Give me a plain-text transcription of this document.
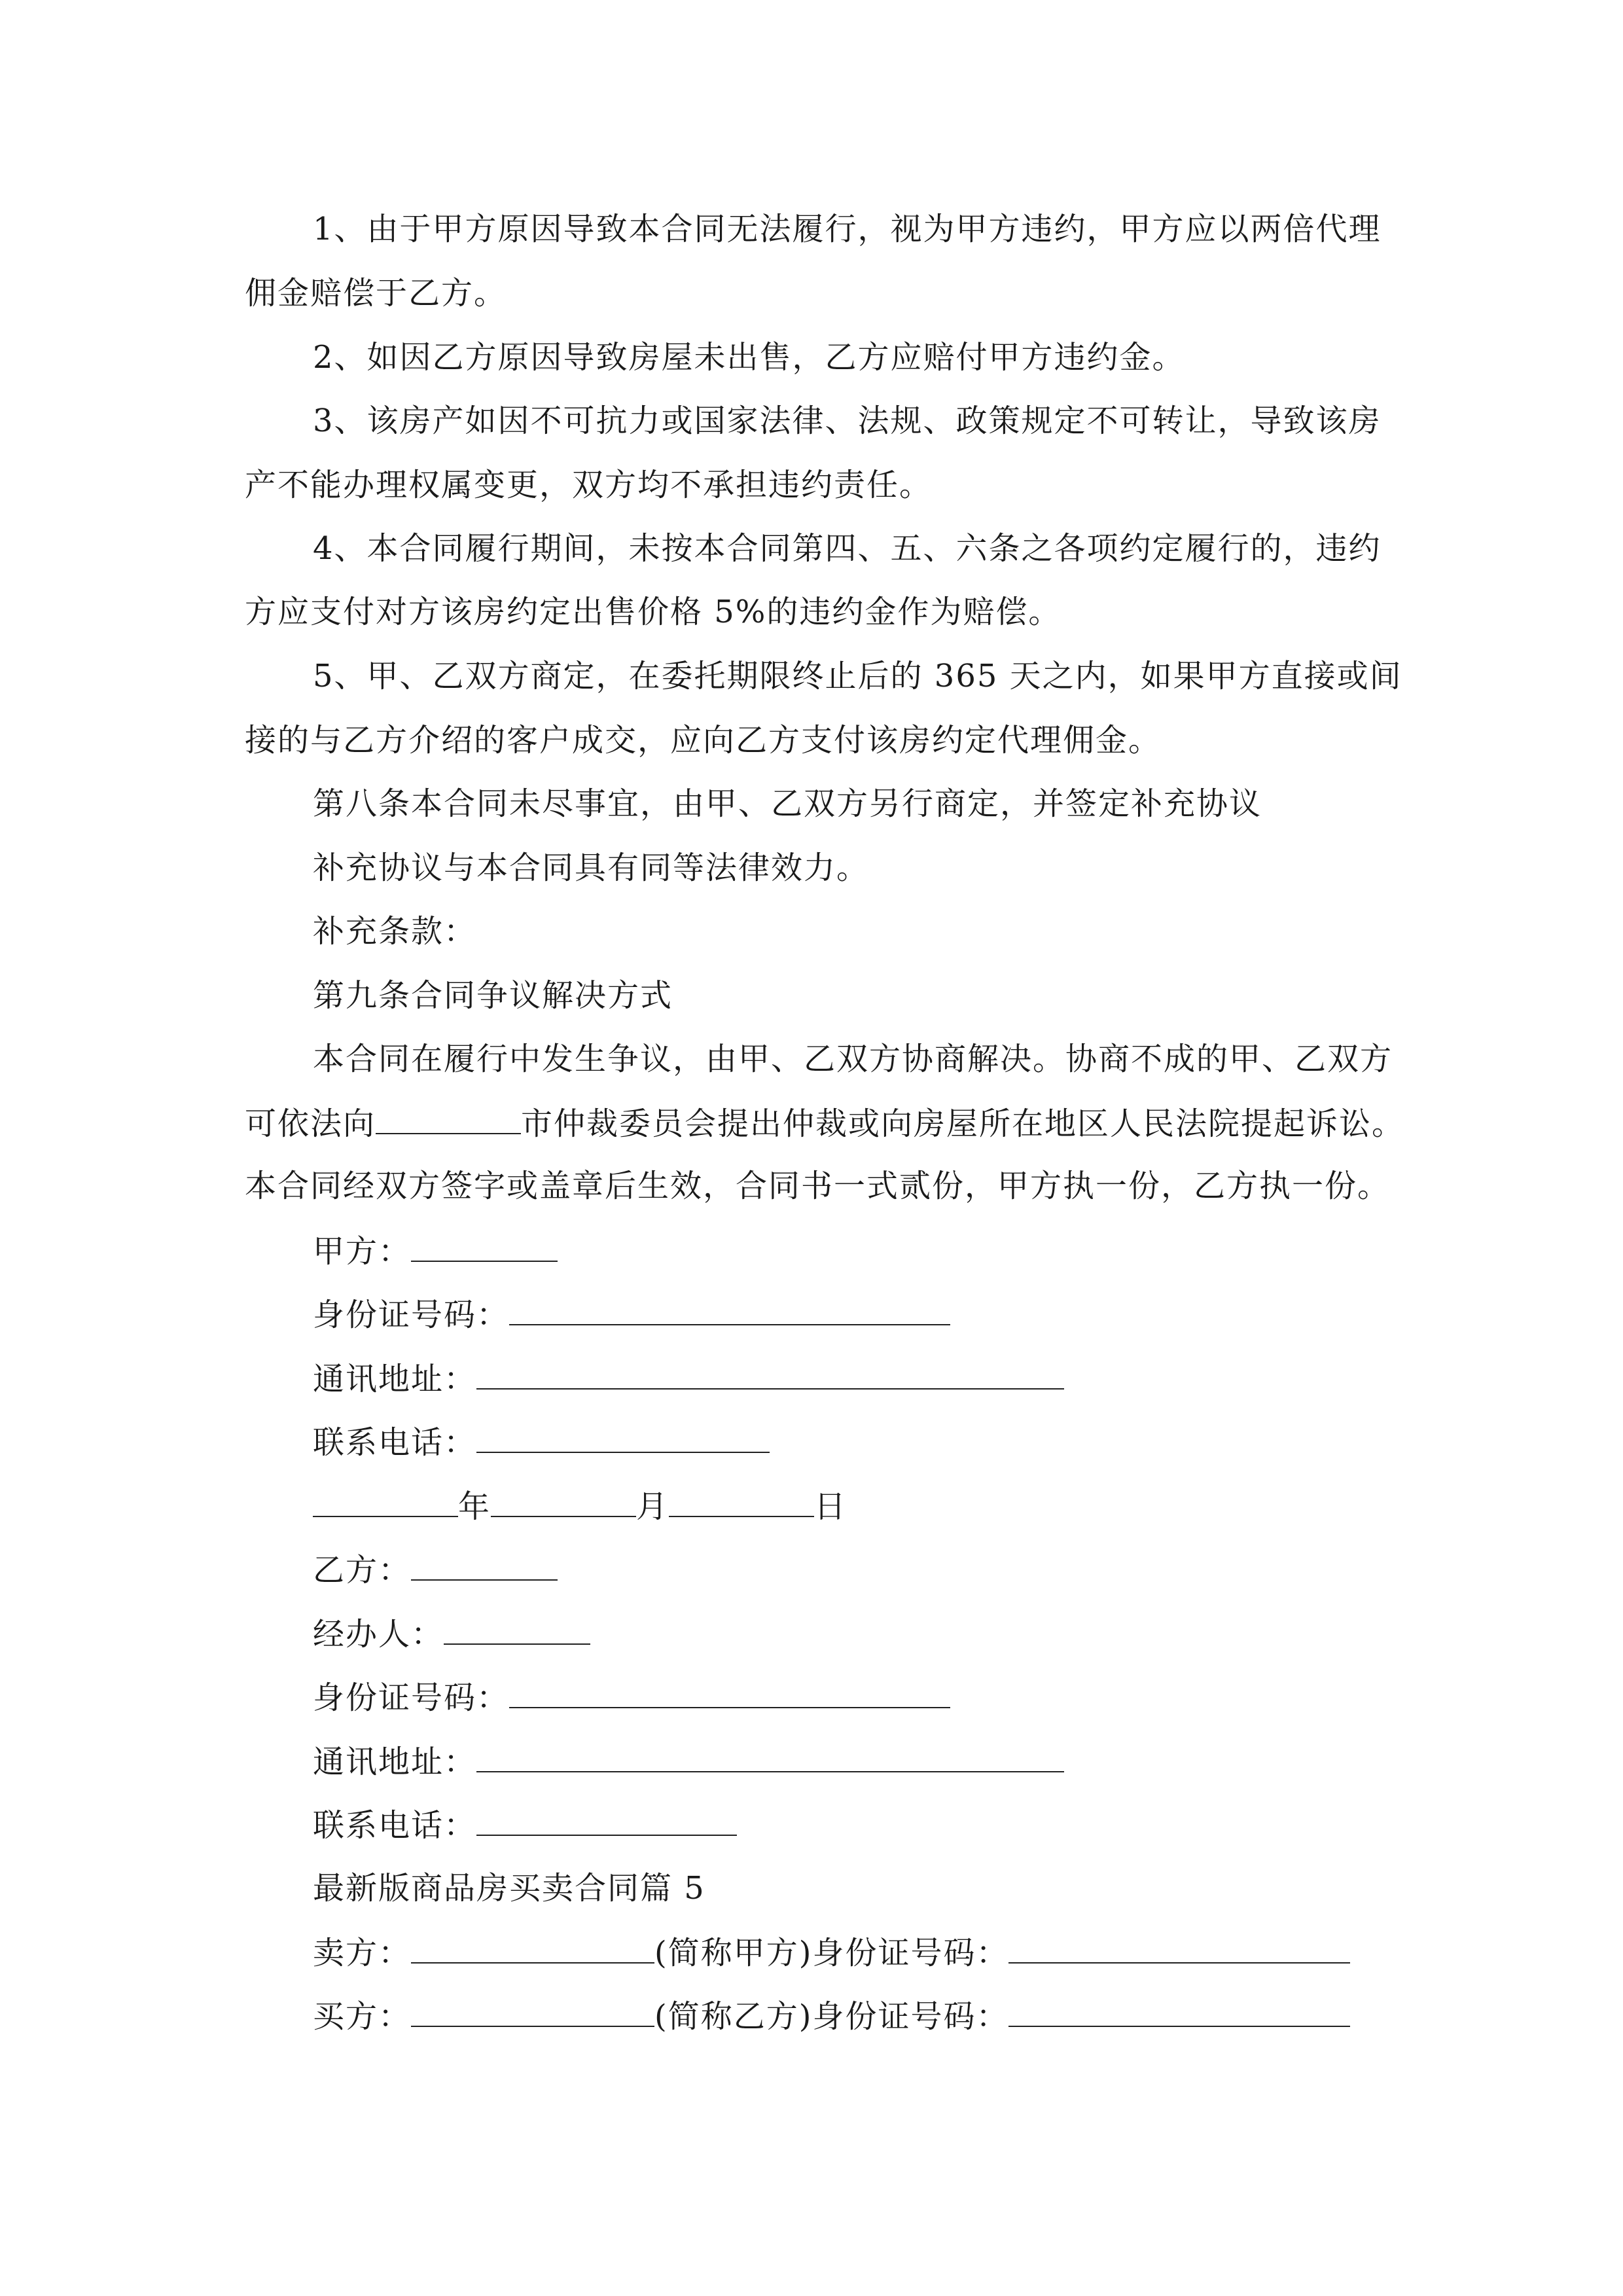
1、由于甲方原因导致本合同无法履行，视为甲方违约，甲方应以两倍代理
佣金赔偿于乙方。
2、如因乙方原因导致房屋未出售，乙方应赔付甲方违约金。
3、该房产如因不可抗力或国家法律、法规、政策规定不可转让，导致该房
产不能办理权属变更，双方均不承担违约责任。
4、本合同履行期间，未按本合同第四、五、六条之各项约定履行的，违约
方应支付对方该房约定出售价格 5%的违约金作为赔偿。
5、甲、乙双方商定，在委托期限终止后的 365 天之内，如果甲方直接或间
接的与乙方介绍的客户成交，应向乙方支付该房约定代理佣金。
第八条本合同未尽事宜，由甲、乙双方另行商定，并签定补充协议
补充协议与本合同具有同等法律效力。
补充条款：
第九条合同争议解决方式
本合同在履行中发生争议，由甲、乙双方协商解决。协商不成的甲、乙双方
可依法向	市仲裁委员会提出仲裁或向房屋所在地区人民法院提起诉讼。
本合同经双方签字或盖章后生效，合同书一式贰份，甲方执一份，乙方执一份。
甲方：
身份证号码：
通讯地址：
联系电话：
年	月	日
乙方：
经办人：
身份证号码：
通讯地址：
联系电话：
最新版商品房买卖合同篇 5
卖方：	(简称甲方)身份证号码：
买方：	(简称乙方)身份证号码：
